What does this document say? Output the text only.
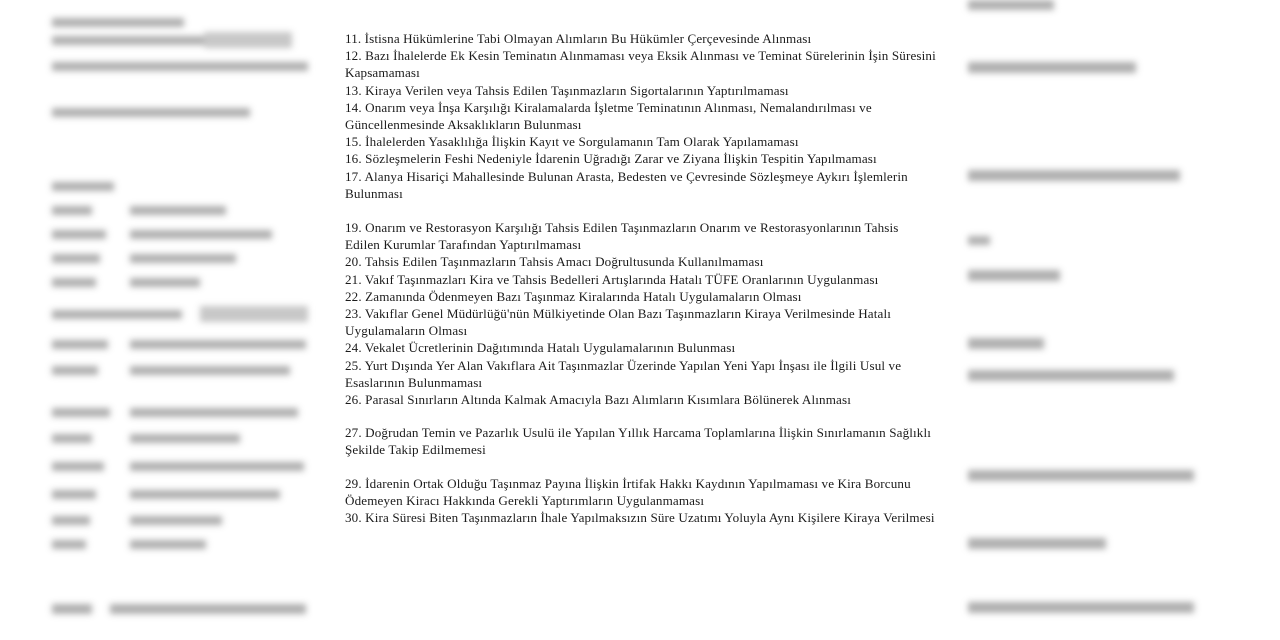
11. İstisna Hükümlerine Tabi Olmayan Alımların Bu Hükümler Çerçevesinde Alınması
12. Bazı İhalelerde Ek Kesin Teminatın Alınmaması veya Eksik Alınması ve Teminat Sürelerinin İşin Süresini Kapsamaması
13. Kiraya Verilen veya Tahsis Edilen Taşınmazların Sigortalarının Yaptırılmaması
14. Onarım veya İnşa Karşılığı Kiralamalarda İşletme Teminatının Alınması, Nemalandırılması ve Güncellenmesinde Aksaklıkların Bulunması
15. İhalelerden Yasaklılığa İlişkin Kayıt ve Sorgulamanın Tam Olarak Yapılamaması
16. Sözleşmelerin Feshi Nedeniyle İdarenin Uğradığı Zarar ve Ziyana İlişkin Tespitin Yapılmaması
17. Alanya Hisariçi Mahallesinde Bulunan Arasta, Bedesten ve Çevresinde Sözleşmeye Aykırı İşlemlerin Bulunması
19. Onarım ve Restorasyon Karşılığı Tahsis Edilen Taşınmazların Onarım ve Restorasyonlarının Tahsis Edilen Kurumlar Tarafından Yaptırılmaması
20. Tahsis Edilen Taşınmazların Tahsis Amacı Doğrultusunda Kullanılmaması
21. Vakıf Taşınmazları Kira ve Tahsis Bedelleri Artışlarında Hatalı TÜFE Oranlarının Uygulanması
22. Zamanında Ödenmeyen Bazı Taşınmaz Kiralarında Hatalı Uygulamaların Olması
23. Vakıflar Genel Müdürlüğü'nün Mülkiyetinde Olan Bazı Taşınmazların Kiraya Verilmesinde Hatalı Uygulamaların Olması
24. Vekalet Ücretlerinin Dağıtımında Hatalı Uygulamalarının Bulunması
25. Yurt Dışında Yer Alan Vakıflara Ait Taşınmazlar Üzerinde Yapılan Yeni Yapı İnşası ile İlgili Usul ve Esaslarının Bulunmaması
26. Parasal Sınırların Altında Kalmak Amacıyla Bazı Alımların Kısımlara Bölünerek Alınması
27. Doğrudan Temin ve Pazarlık Usulü ile Yapılan Yıllık Harcama Toplamlarına İlişkin Sınırlamanın Sağlıklı Şekilde Takip Edilmemesi
29. İdarenin Ortak Olduğu Taşınmaz Payına İlişkin İrtifak Hakkı Kaydının Yapılmaması ve Kira Borcunu Ödemeyen Kiracı Hakkında Gerekli Yaptırımların Uygulanmaması
30. Kira Süresi Biten Taşınmazların İhale Yapılmaksızın Süre Uzatımı Yoluyla Aynı Kişilere Kiraya Verilmesi
